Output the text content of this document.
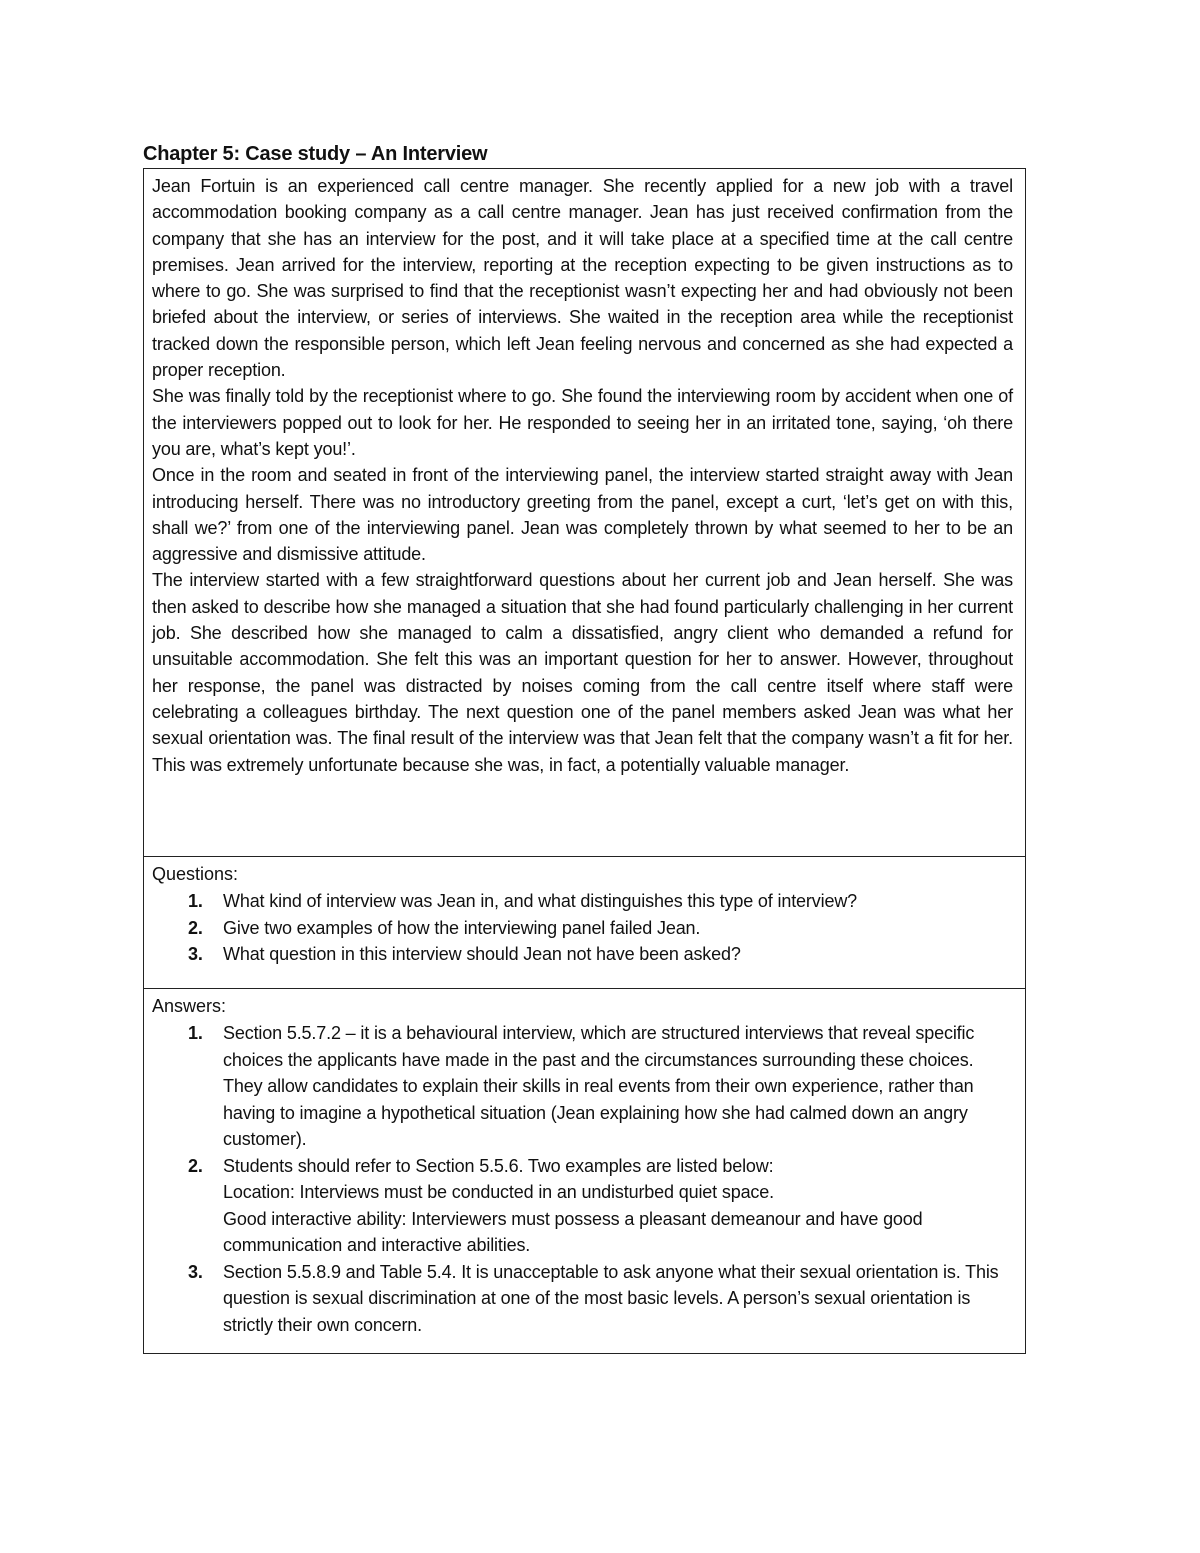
Chapter 5: Case study – An Interview

Jean Fortuin is an experienced call centre manager. She recently applied for a new job with a travel accommodation booking company as a call centre manager. Jean has just received confirmation from the company that she has an interview for the post, and it will take place at a specified time at the call centre premises. Jean arrived for the interview, reporting at the reception expecting to be given instructions as to where to go. She was surprised to find that the receptionist wasn’t expecting her and had obviously not been briefed about the interview, or series of interviews. She waited in the reception area while the receptionist tracked down the responsible person, which left Jean feeling nervous and concerned as she had expected a proper reception.

She was finally told by the receptionist where to go. She found the interviewing room by accident when one of the interviewers popped out to look for her. He responded to seeing her in an irritated tone, saying, ‘oh there you are, what’s kept you!’.

Once in the room and seated in front of the interviewing panel, the interview started straight away with Jean introducing herself. There was no introductory greeting from the panel, except a curt, ‘let’s get on with this, shall we?’ from one of the interviewing panel. Jean was completely thrown by what seemed to her to be an aggressive and dismissive attitude.

The interview started with a few straightforward questions about her current job and Jean herself. She was then asked to describe how she managed a situation that she had found particularly challenging in her current job. She described how she managed to calm a dissatisfied, angry client who demanded a refund for unsuitable accommodation. She felt this was an important question for her to answer. However, throughout her response, the panel was distracted by noises coming from the call centre itself where staff were celebrating a colleagues birthday. The next question one of the panel members asked Jean was what her sexual orientation was. The final result of the interview was that Jean felt that the company wasn’t a fit for her. This was extremely unfortunate because she was, in fact, a potentially valuable manager.

Questions:
1. What kind of interview was Jean in, and what distinguishes this type of interview?
2. Give two examples of how the interviewing panel failed Jean.
3. What question in this interview should Jean not have been asked?

Answers:
1. Section 5.5.7.2 – it is a behavioural interview, which are structured interviews that reveal specific choices the applicants have made in the past and the circumstances surrounding these choices. They allow candidates to explain their skills in real events from their own experience, rather than having to imagine a hypothetical situation (Jean explaining how she had calmed down an angry customer).
2. Students should refer to Section 5.5.6. Two examples are listed below:
Location: Interviews must be conducted in an undisturbed quiet space.
Good interactive ability: Interviewers must possess a pleasant demeanour and have good communication and interactive abilities.
3. Section 5.5.8.9 and Table 5.4. It is unacceptable to ask anyone what their sexual orientation is. This question is sexual discrimination at one of the most basic levels. A person’s sexual orientation is strictly their own concern.
